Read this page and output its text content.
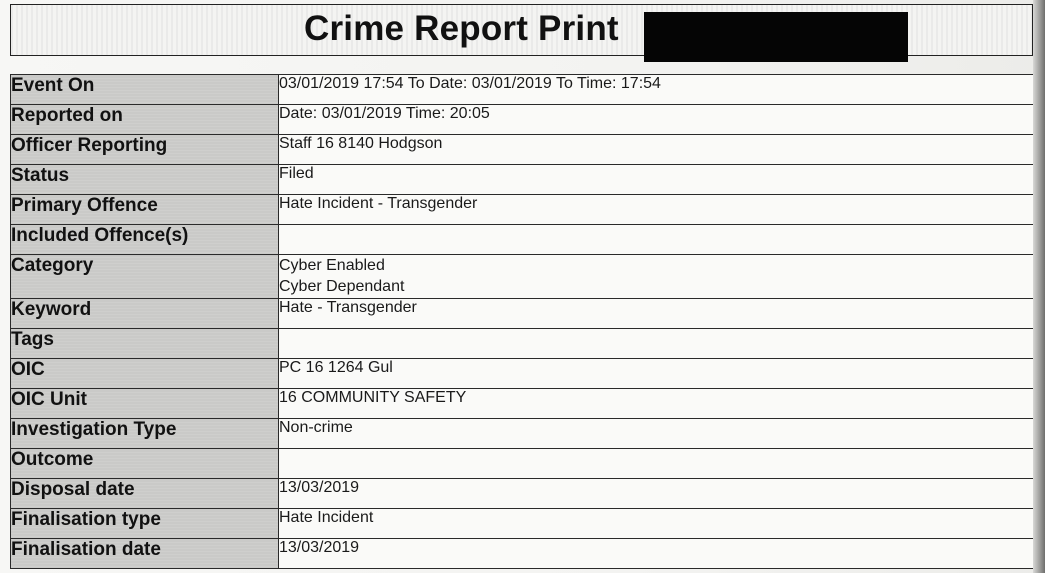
Crime Report Print
Event On	03/01/2019 17:54 To Date: 03/01/2019 To Time: 17:54
Reported on	Date: 03/01/2019 Time: 20:05
Officer Reporting	Staff 16 8140 Hodgson
Status	Filed
Primary Offence	Hate Incident - Transgender
Included Offence(s)	
Category	Cyber Enabled
Cyber Dependant

Keyword	Hate - Transgender
Tags	
OIC	PC 16 1264 Gul
OIC Unit	16 COMMUNITY SAFETY
Investigation Type	Non-crime
Outcome	
Disposal date	13/03/2019
Finalisation type	Hate Incident
Finalisation date	13/03/2019
